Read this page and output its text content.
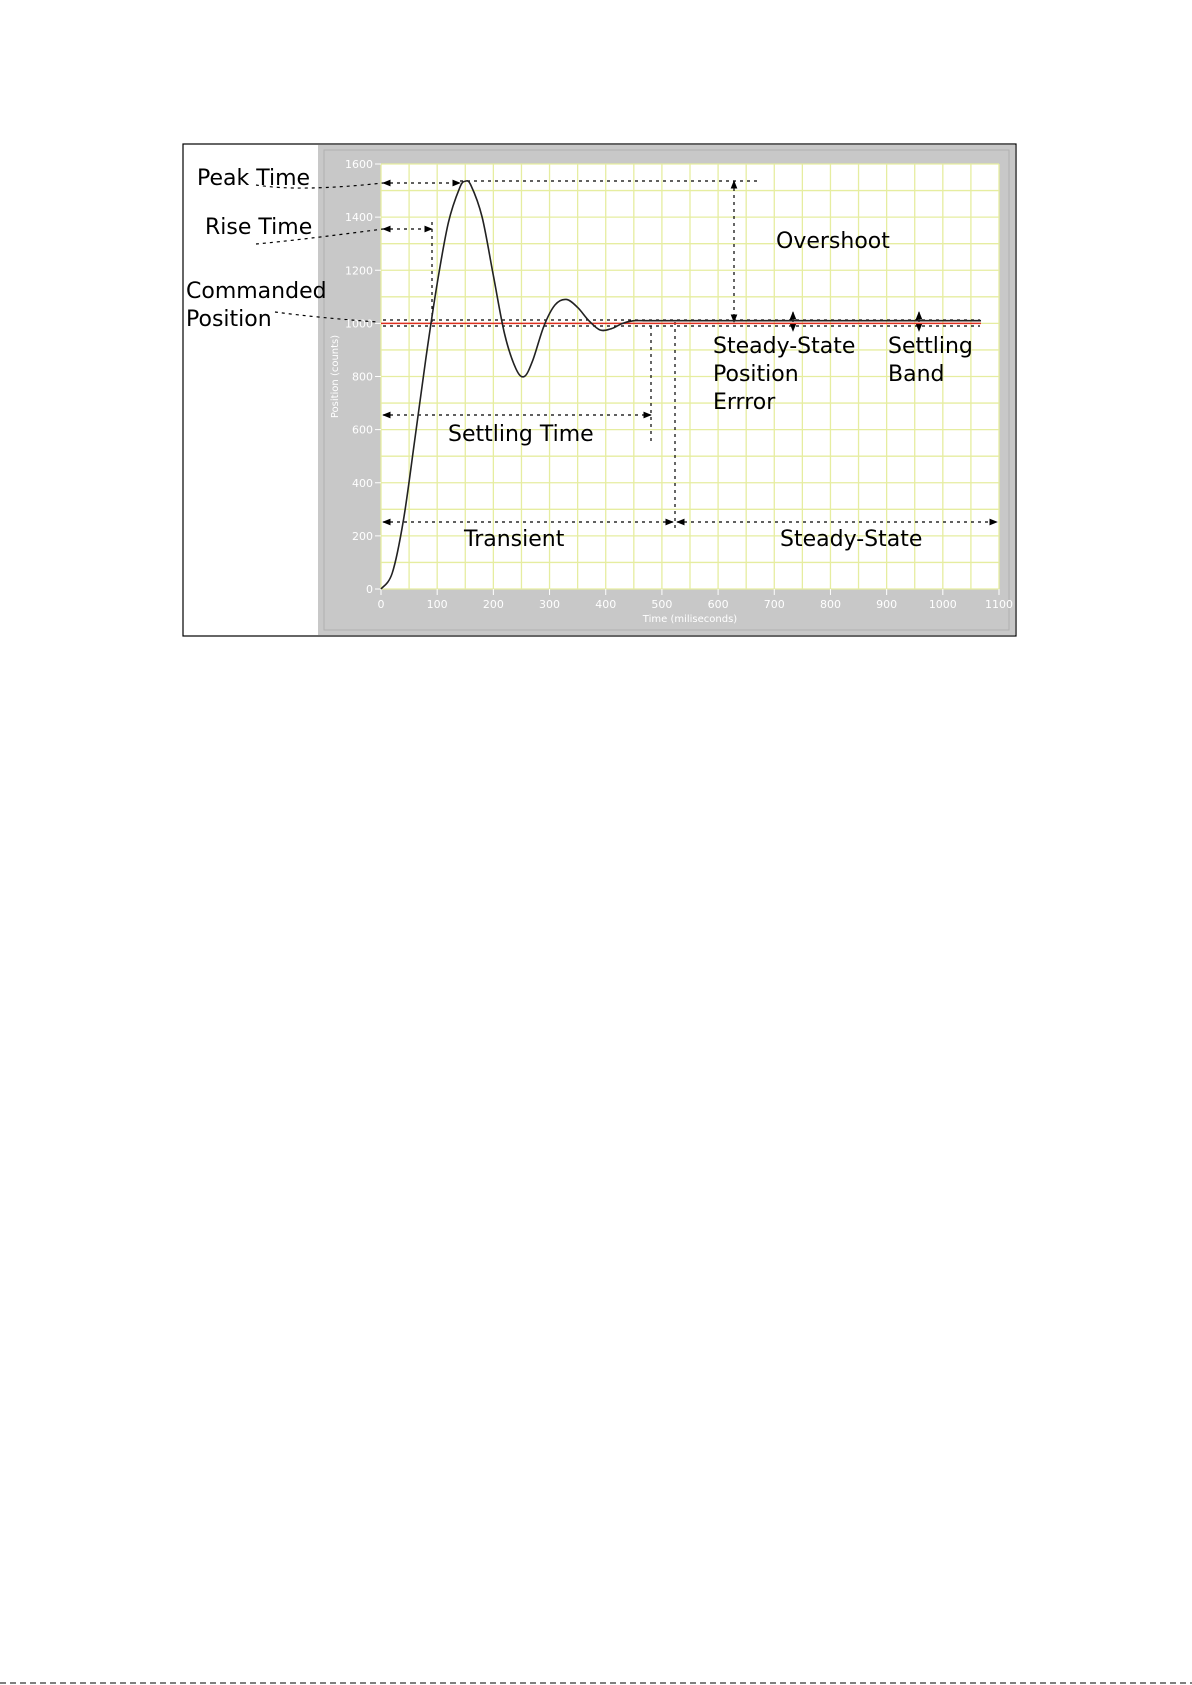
0
200
400
600
800
1000
1200
1400
1600
0	100	200	300	400	500	600	700	800	900	1000	1100
Position (counts)
Time (miliseconds)
Peak Time
Rise Time
Commanded
Position
Overshoot
Steady-State
Position
Errror
Settling
Band
Settling Time
Transient	Steady-State
